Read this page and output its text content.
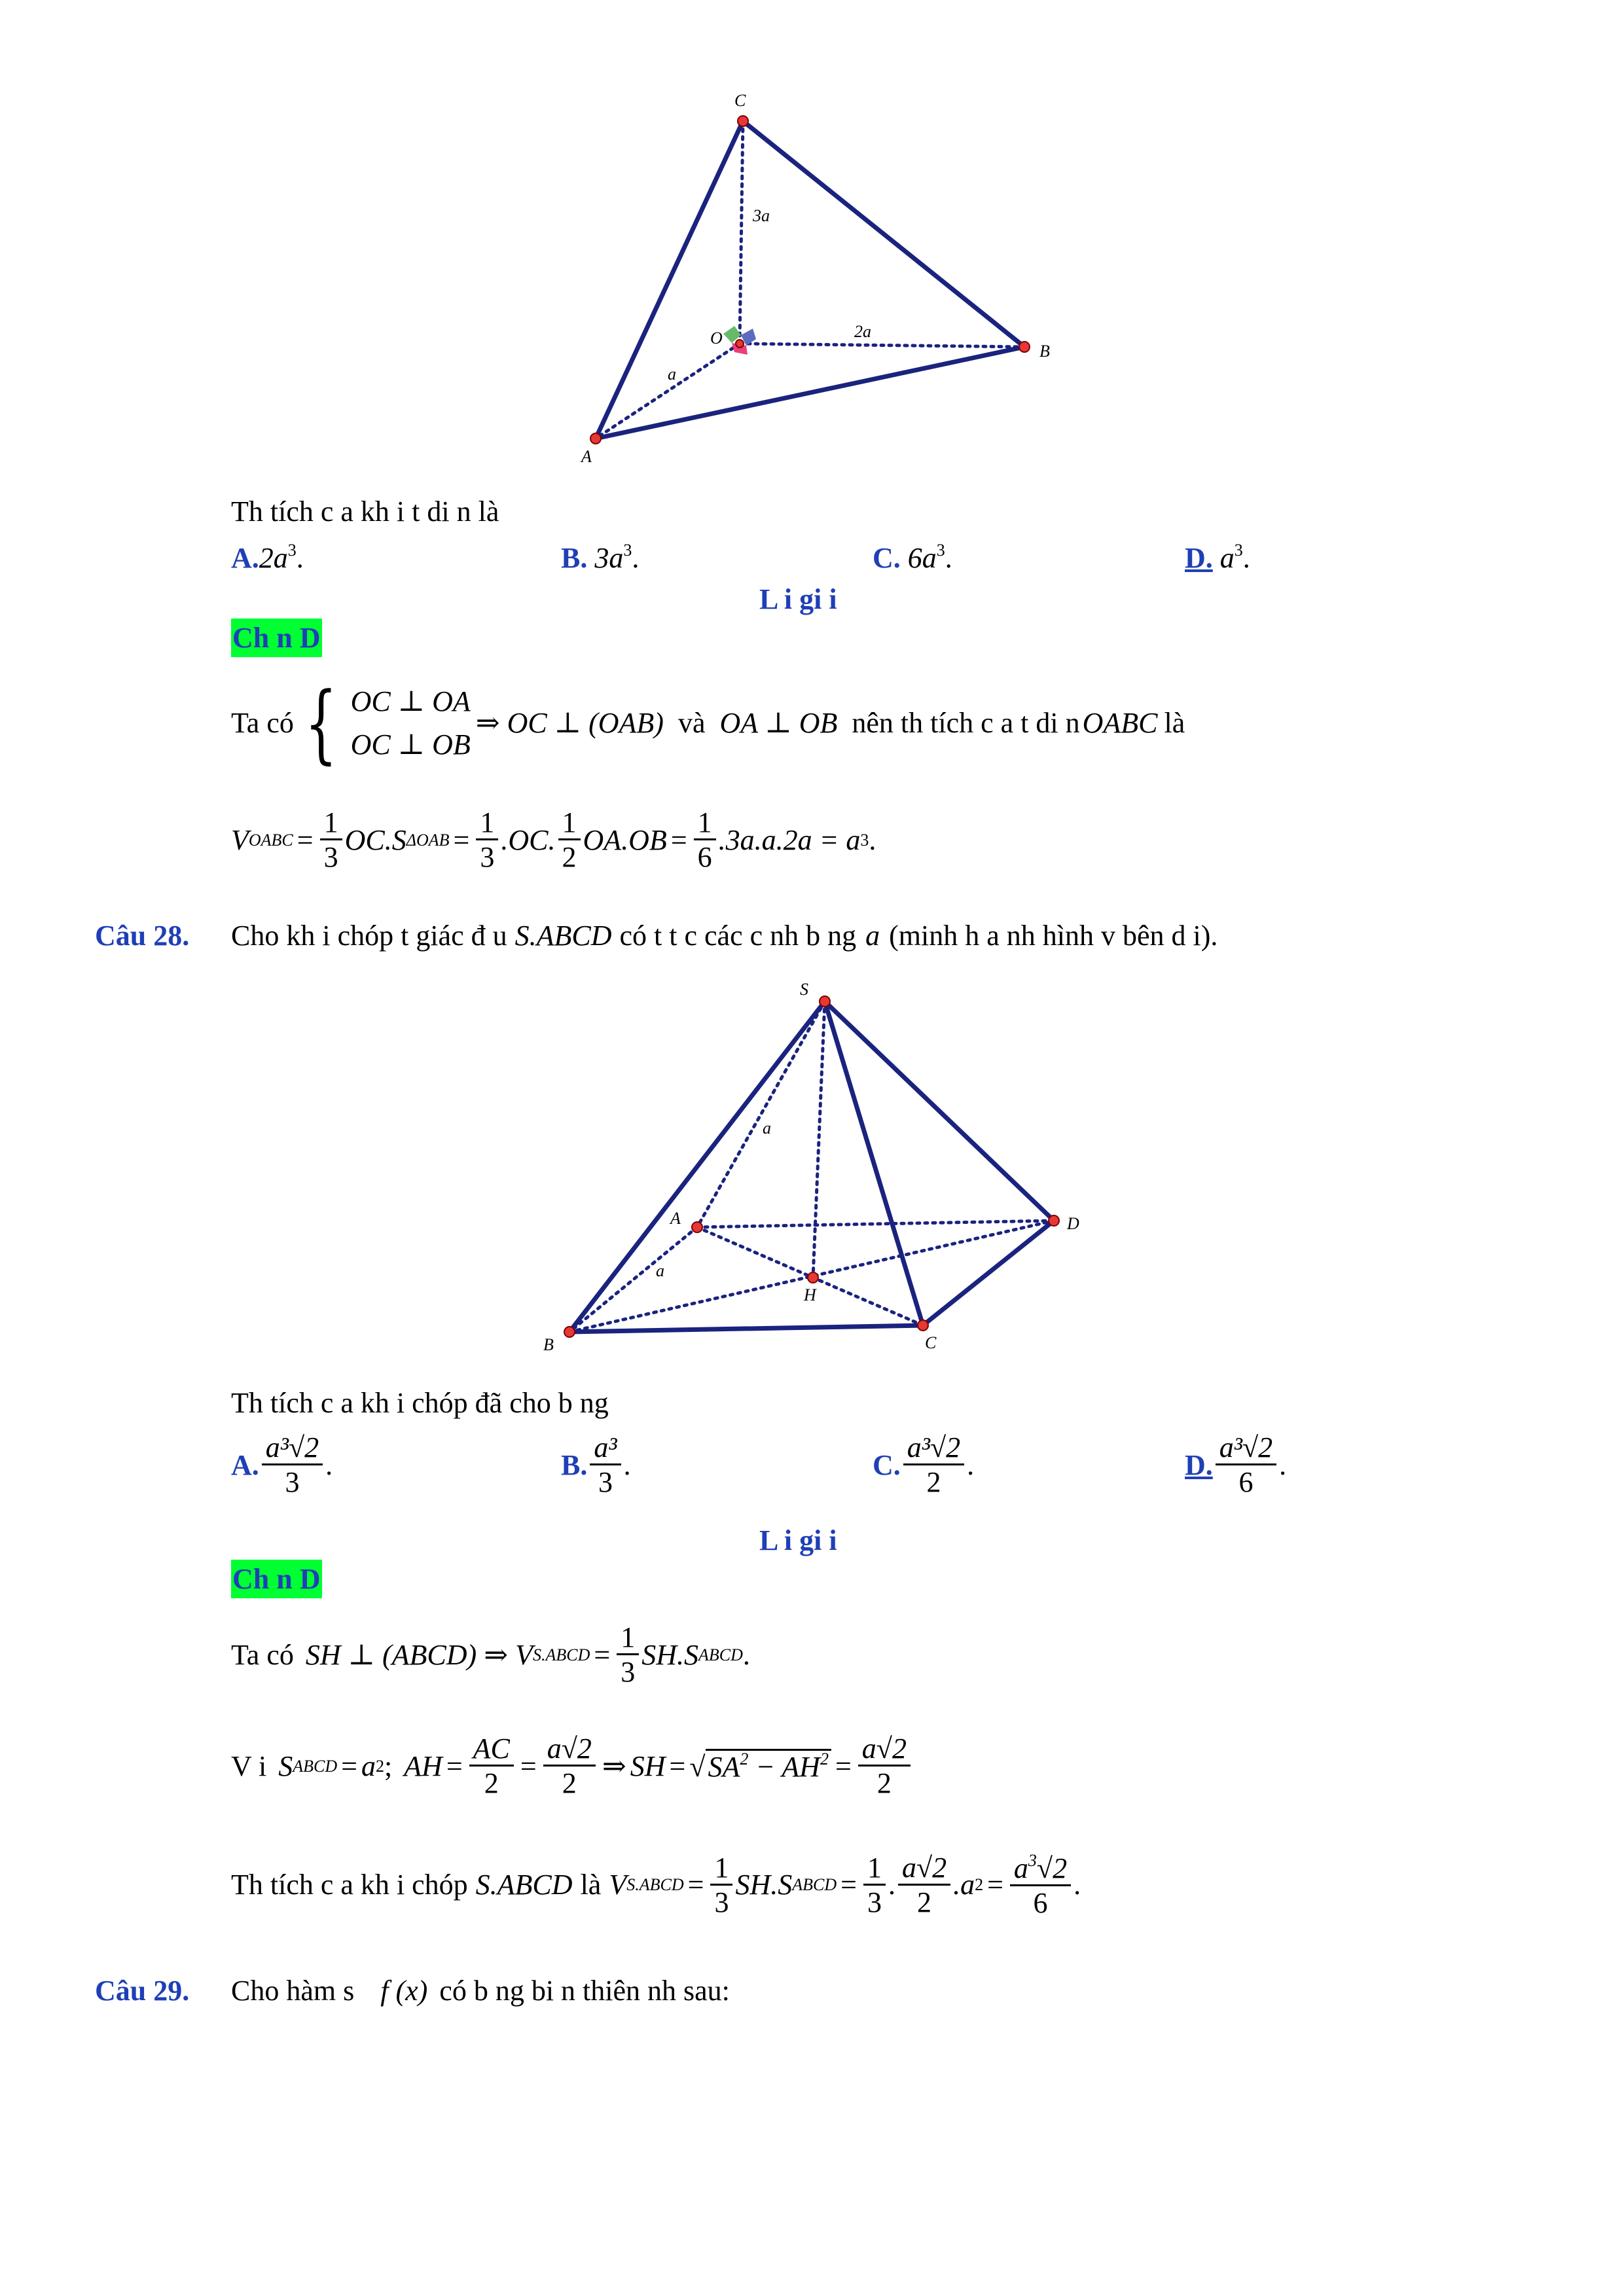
C
B
A
O
3a
2a
a
Th tích c a kh i t di n là
$A.2a^3$.	B. $3a^3$.	C. $6a^3$.	D. $a^3$.
L i gi i
Ch n D
Ta có { OC ⊥ OA
OC ⊥ OB
⇒ OC ⊥ (OAB) và OA ⊥ OB nên th tích c a t di n OABC là
V OABC = $\frac{1}{3} OC.S$ $\Delta OAB = \frac{1}{3} .OC$. $\frac{1}{2} OA.OB = \frac{1}{6} .3a.a.2a = a$ 3 .
Câu 28.	Cho kh i chóp t giác đ u S.ABCD có t t c các c nh b ng a (minh h a nh hình v bên d i).
S
A	D
H
B	C
a
a
Th tích c a kh i chóp đã cho b ng
A. $\frac{\text{a³√2}}{3}$ .	B. $\frac{\text{a³}}{3}$ .	C. $\frac{\text{a³√2}}{2}$ .	D. $\frac{\text{a³√2}}{6}$ .
L i gi i
Ch n D
Ta có SH ⊥ (ABCD) ⇒ V S.ABCD = $\frac{1}{3} SH.S$ ABCD .
V i S ABCD = a 2 ; AH = $\frac{AC}{2} = \frac{a√2}{2}$ ⇒ SH = $√SA^2 - AH^2 = \frac{a√2}{2}$
Th tích c a kh i chóp S.ABCD là V S.ABCD = $\frac{1}{3} SH.S$ ABCD = $\frac{1}{3}$ . $\frac{a√2}{2} .a$ $2 = \frac{a^3√2}{6}$ .
Câu 29.	Cho hàm s f (x) có b ng bi n thiên nh sau:
